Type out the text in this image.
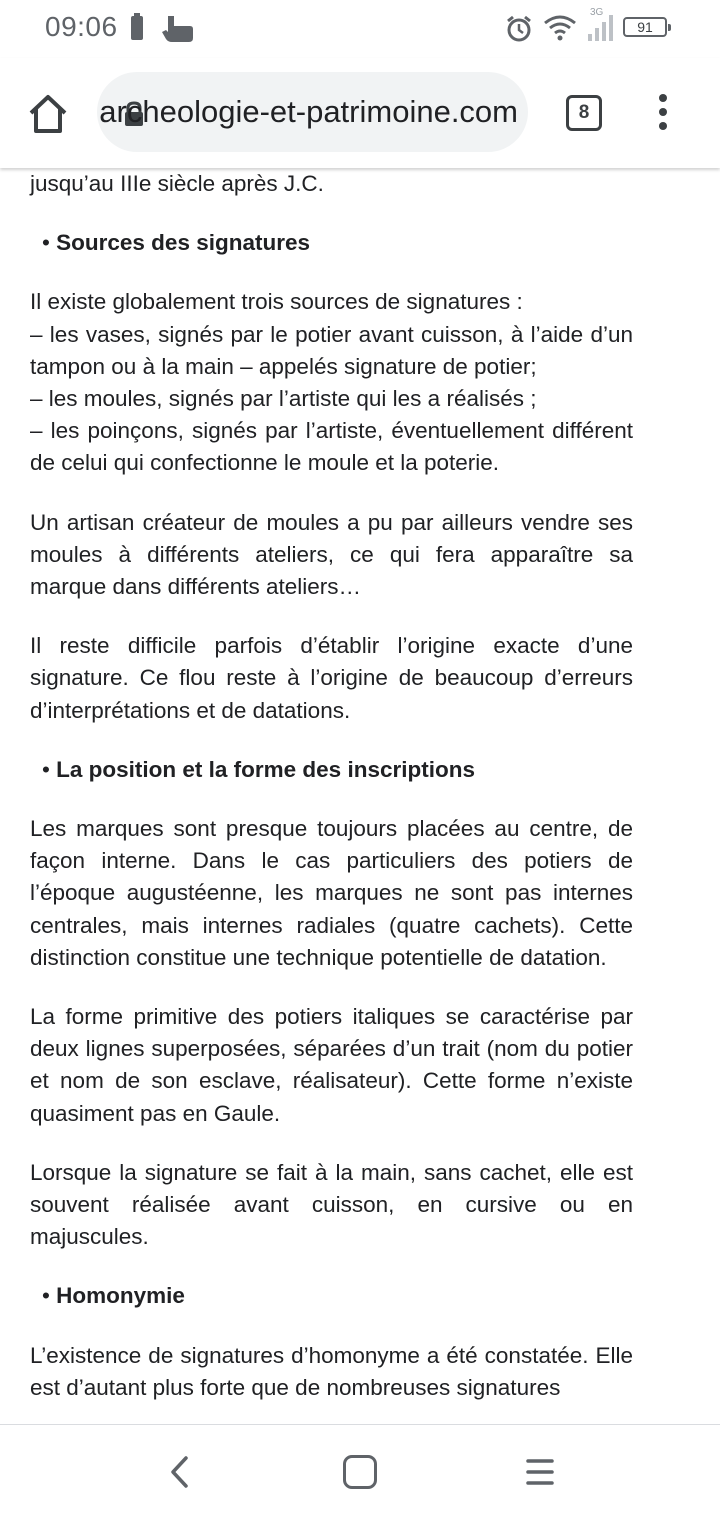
09:06	3G
91
archeologie-et-patrimoine.com	8

jusqu’au IIIe siècle après J.C.

• Sources des signatures

Il existe globalement trois sources de signatures :
– les vases, signés par le potier avant cuisson, à l’aide d’un tampon ou à la main – appelés signature de potier;
– les moules, signés par l’artiste qui les a réalisés ;
– les poinçons, signés par l’artiste, éventuellement différent de celui qui confectionne le moule et la poterie.

Un artisan créateur de moules a pu par ailleurs vendre ses moules à différents ateliers, ce qui fera apparaître sa marque dans différents ateliers…

Il reste difficile parfois d’établir l’origine exacte d’une signature. Ce flou reste à l’origine de beaucoup d’erreurs d’interprétations et de datations.

• La position et la forme des inscriptions

Les marques sont presque toujours placées au centre, de façon interne. Dans le cas particuliers des potiers de l’époque augustéenne, les marques ne sont pas internes centrales, mais internes radiales (quatre cachets). Cette distinction constitue une technique potentielle de datation.

La forme primitive des potiers italiques se caractérise par deux lignes superposées, séparées d’un trait (nom du potier et nom de son esclave, réalisateur). Cette forme n’existe quasiment pas en Gaule.

Lorsque la signature se fait à la main, sans cachet, elle est souvent réalisée avant cuisson, en cursive ou en majuscules.

• Homonymie

L’existence de signatures d’homonyme a été constatée. Elle est d’autant plus forte que de nombreuses signatures
